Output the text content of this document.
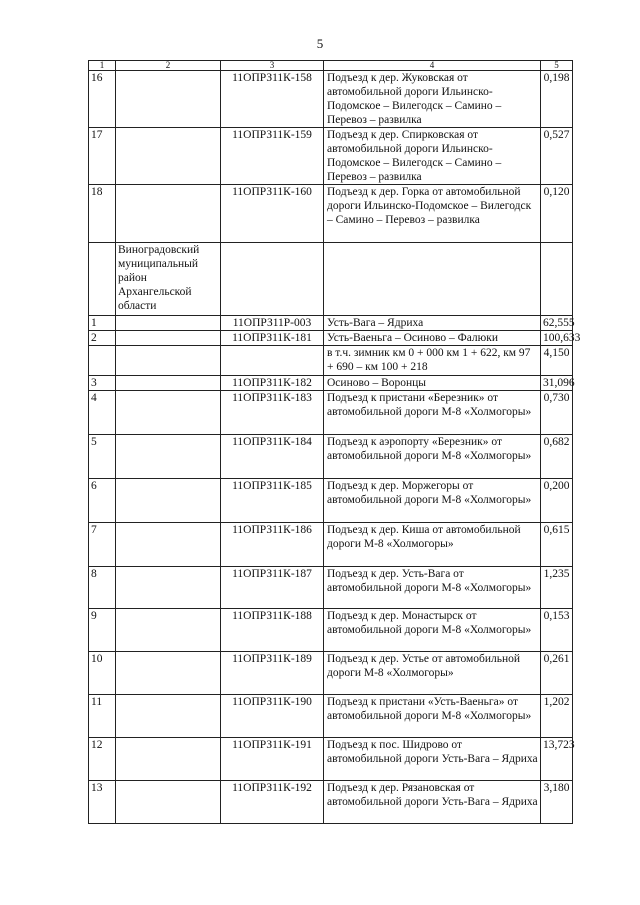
5
1	2	3	4	5
16		11ОПРЗ11К-158	Подъезд к дер. Жуковская от автомобильной дороги Ильинско-Подомское – Вилегодск – Самино – Перевоз – развилка	0,198
17		11ОПРЗ11К-159	Подъезд к дер. Спирковская от автомобильной дороги Ильинско-Подомское – Вилегодск – Самино – Перевоз – развилка	0,527
18		11ОПРЗ11К-160	Подъезд к дер. Горка от автомобильной дороги Ильинско-Подомское – Вилегодск – Самино – Перевоз – развилка	0,120
	Виноградовский муниципальный район Архангельской области			
1		11ОПРЗ11Р-003	Усть-Вага – Ядриха	62,555
2		11ОПРЗ11К-181	Усть-Ваеньга – Осиново – Фалюки	100,633
			в т.ч. зимник км 0 + 000 км 1 + 622, км 97 + 690 – км 100 + 218	4,150
3		11ОПРЗ11К-182	Осиново – Воронцы	31,096
4		11ОПРЗ11К-183	Подъезд к пристани «Березник» от автомобильной дороги М-8 «Холмогоры»	0,730
5		11ОПРЗ11К-184	Подъезд к аэропорту «Березник» от автомобильной дороги М-8 «Холмогоры»	0,682
6		11ОПРЗ11К-185	Подъезд к дер. Моржегоры от автомобильной дороги М-8 «Холмогоры»	0,200
7		11ОПРЗ11К-186	Подъезд к дер. Киша от автомобильной дороги М-8 «Холмогоры»	0,615
8		11ОПРЗ11К-187	Подъезд к дер. Усть-Вага от автомобильной дороги М-8 «Холмогоры»	1,235
9		11ОПРЗ11К-188	Подъезд к дер. Монастырск от автомобильной дороги М-8 «Холмогоры»	0,153
10		11ОПРЗ11К-189	Подъезд к дер. Устье от автомобильной дороги М-8 «Холмогоры»	0,261
11		11ОПРЗ11К-190	Подъезд к пристани «Усть-Ваеньга» от автомобильной дороги М-8 «Холмогоры»	1,202
12		11ОПРЗ11К-191	Подъезд к пос. Шидрово от автомобильной дороги Усть-Вага – Ядриха	13,723
13		11ОПРЗ11К-192	Подъезд к дер. Рязановская от автомобильной дороги Усть-Вага – Ядриха	3,180
